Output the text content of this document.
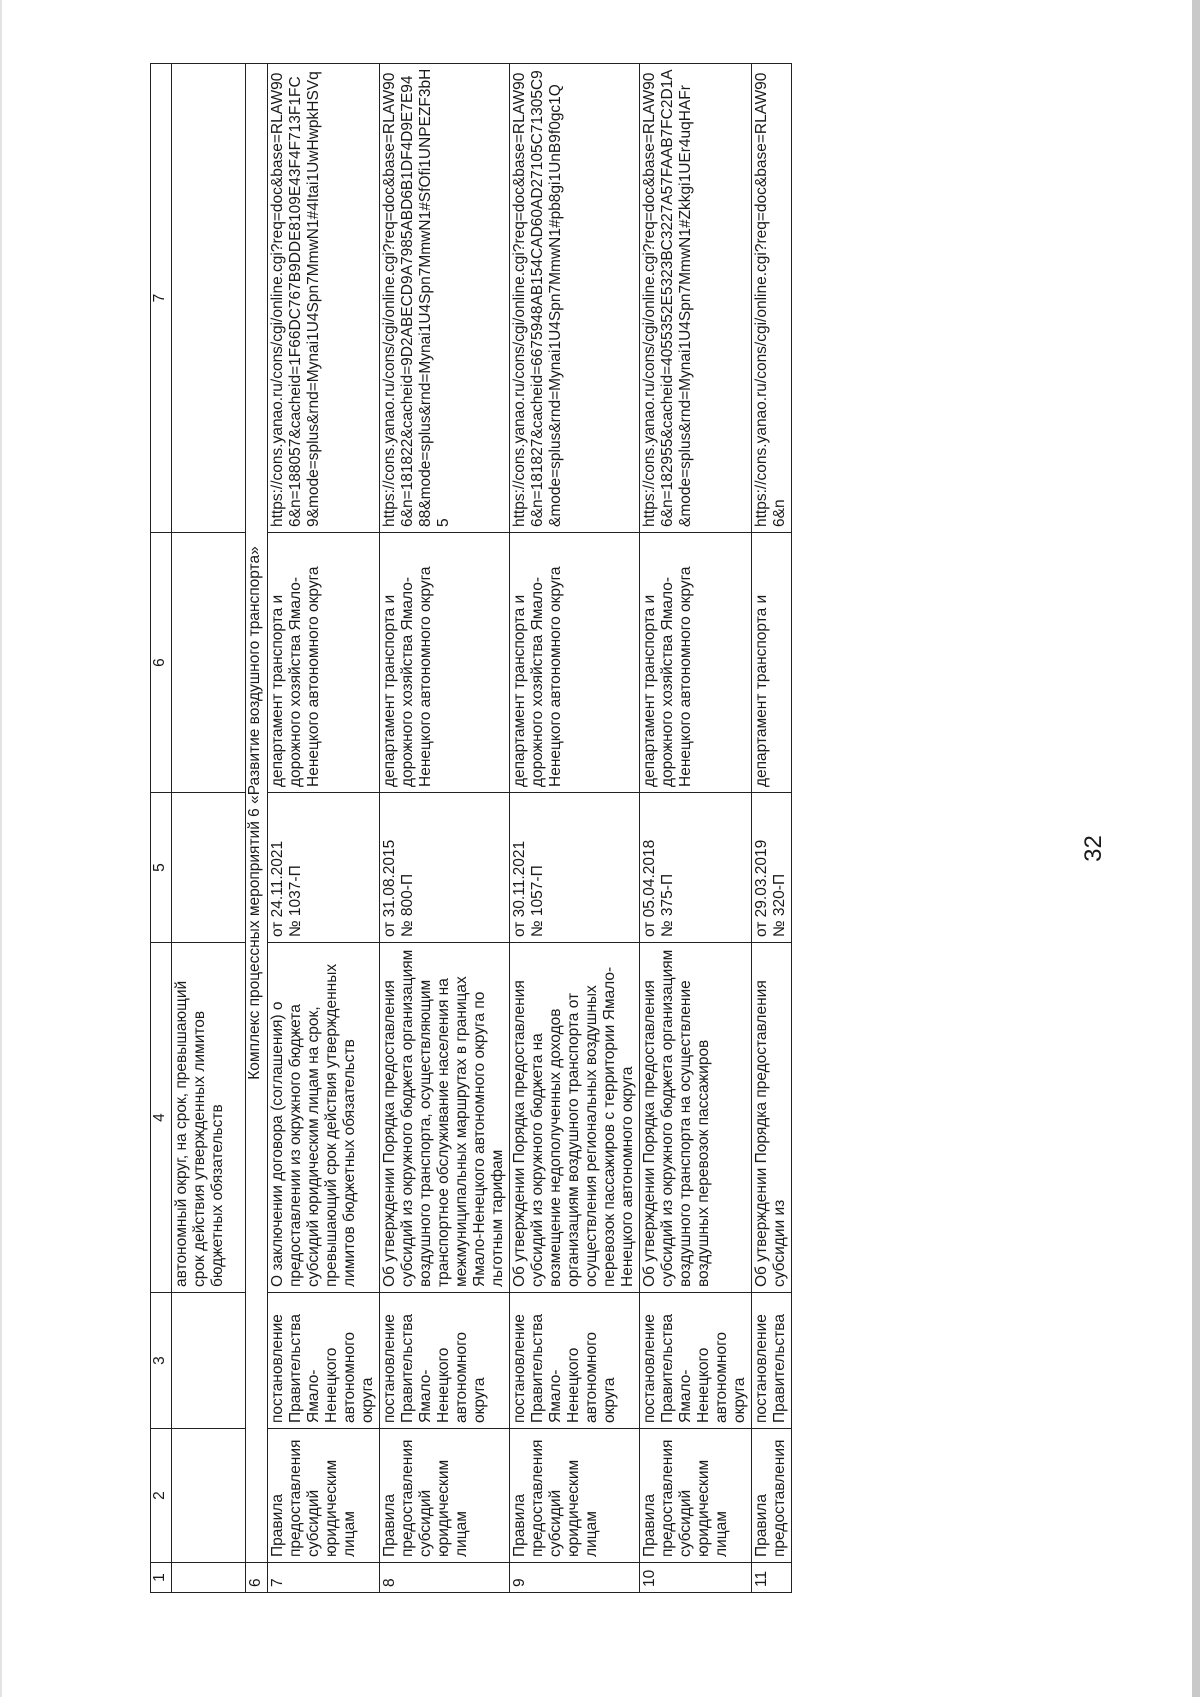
32
1	2	3	4	5	6	7
			автономный округ, на срок, превышающий срок действия утвержденных лимитов бюджетных обязательств			
6	Комплекс процессных мероприятий 6 «Развитие воздушного транспорта»					
7	Правила предоставления субсидий юридическим лицам	постановление Правительства Ямало-Ненецкого автономного округа	О заключении договора (соглашения) о предоставлении из окружного бюджета субсидий юридическим лицам на срок, превышающий срок действия утвержденных лимитов бюджетных обязательств	от 24.11.2021
№ 1037-П	департамент транспорта и дорожного хозяйства Ямало-Ненецкого автономного округа	https://cons.yanao.ru/cons/cgi/online.cgi?req=doc&base=RLAW906&n=188057&cacheid=1F66DC767B9DDE8109E43F4F713F1FC9&mode=splus&rnd=Mynai1U4Spn7MmwN1#4Itai1UwHwpkHSVq
8	Правила предоставления субсидий юридическим лицам	постановление Правительства Ямало-Ненецкого автономного округа	Об утверждении Порядка предоставления субсидий из окружного бюджета организациям воздушного транспорта, осуществляющим транспортное обслуживание населения на межмуниципальных маршрутах в границах Ямало-Ненецкого автономного округа по льготным тарифам	от 31.08.2015
№ 800-П	департамент транспорта и дорожного хозяйства Ямало-Ненецкого автономного округа	https://cons.yanao.ru/cons/cgi/online.cgi?req=doc&base=RLAW906&n=181822&cacheid=9D2ABECD9A7985ABD6B1DF4D9E7E9488&mode=splus&rnd=Mynai1U4Spn7MmwN1#SfOfi1UNPEZF3bH5
9	Правила предоставления субсидий юридическим лицам	постановление Правительства Ямало-Ненецкого автономного округа	Об утверждении Порядка предоставления субсидий из окружного бюджета на возмещение недополученных доходов организациям воздушного транспорта от осуществления региональных воздушных перевозок пассажиров с территории Ямало-Ненецкого автономного округа	от 30.11.2021
№ 1057-П	департамент транспорта и дорожного хозяйства Ямало-Ненецкого автономного округа	https://cons.yanao.ru/cons/cgi/online.cgi?req=doc&base=RLAW906&n=181827&cacheid=6675948AB154CAD60AD27105C71305C9&mode=splus&rnd=Mynai1U4Spn7MmwN1#pb8gi1UnB9f0gc1Q
10	Правила предоставления субсидий юридическим лицам	постановление Правительства Ямало-Ненецкого автономного округа	Об утверждении Порядка предоставления субсидий из окружного бюджета организациям воздушного транспорта на осуществление воздушных перевозок пассажиров	от 05.04.2018
№ 375-П	департамент транспорта и дорожного хозяйства Ямало-Ненецкого автономного округа	https://cons.yanao.ru/cons/cgi/online.cgi?req=doc&base=RLAW906&n=182955&cacheid=4055352E5323BC3227A57FAAB7FC2D1A&mode=splus&rnd=Mynai1U4Spn7MmwN1#Zkkgi1UEr4uqHAFr
11	Правила предоставления	постановление Правительства	Об утверждении Порядка предоставления субсидии из	от 29.03.2019
№ 320-П	департамент транспорта и	https://cons.yanao.ru/cons/cgi/online.cgi?req=doc&base=RLAW906&n
